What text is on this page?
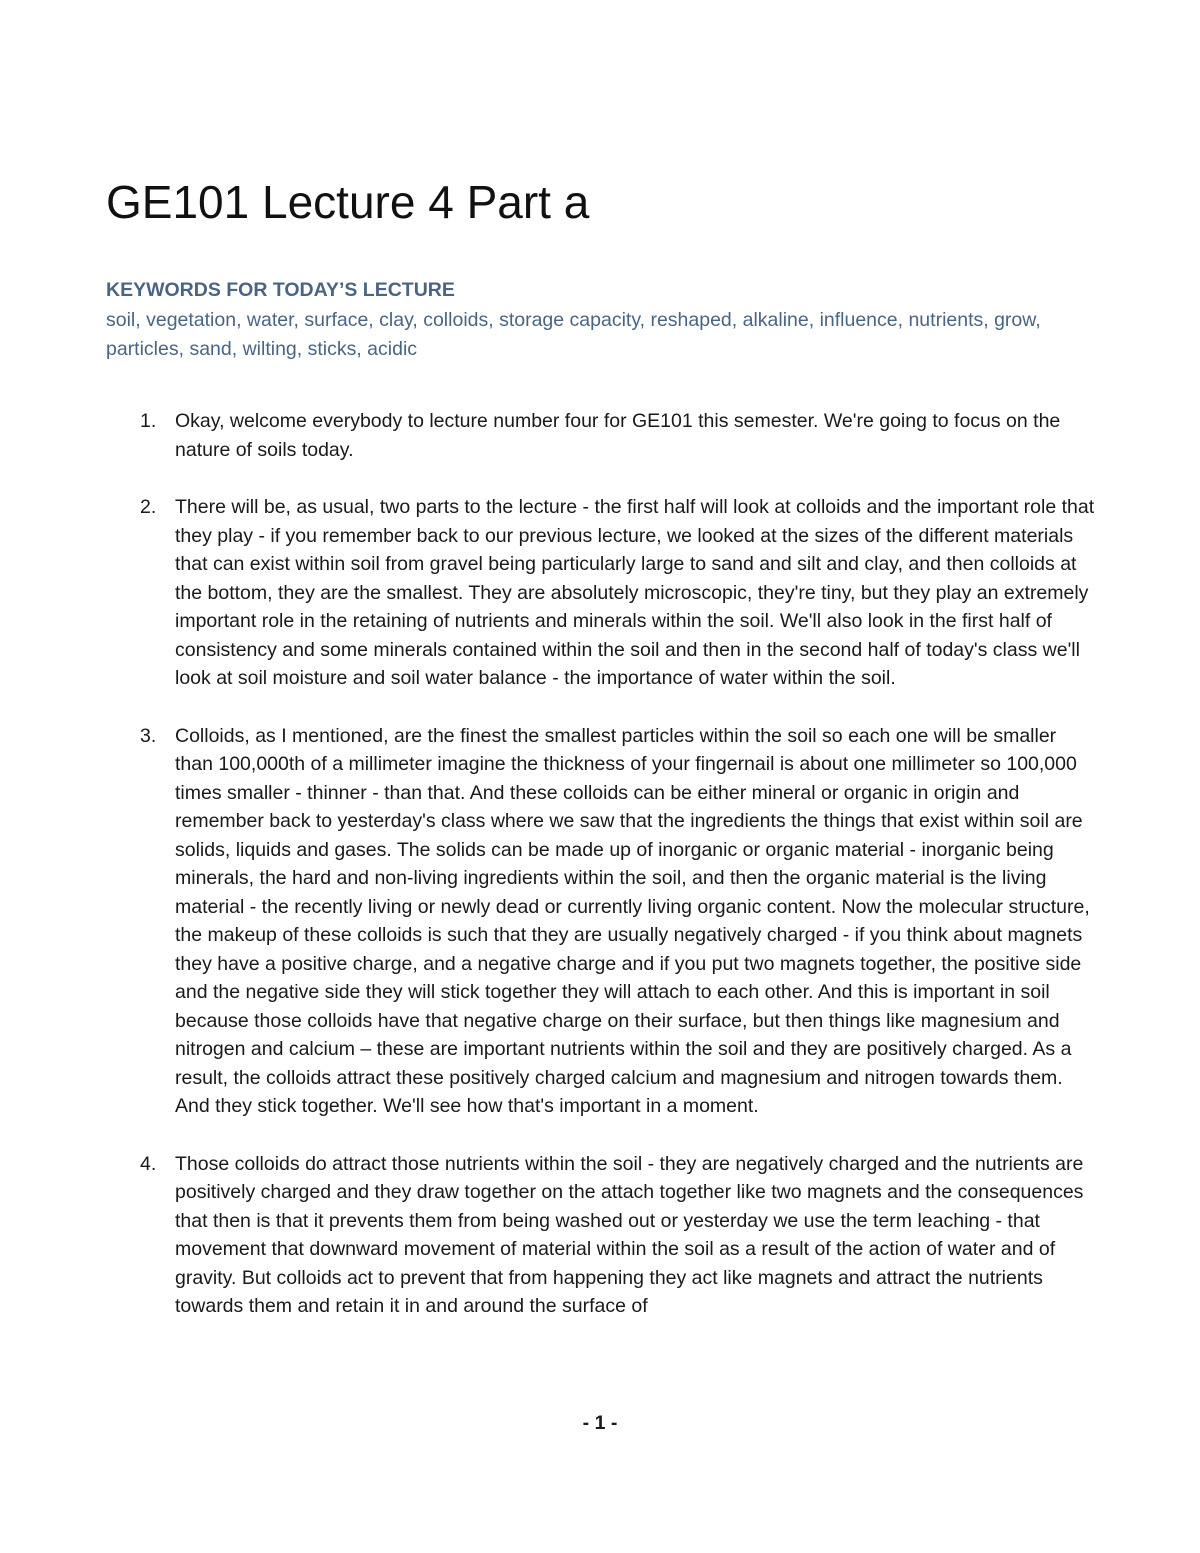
GE101 Lecture 4 Part a
KEYWORDS FOR TODAY’S LECTURE

soil, vegetation, water, surface, clay, colloids, storage capacity, reshaped, alkaline, influence, nutrients, grow, particles, sand, wilting, sticks, acidic

1. Okay, welcome everybody to lecture number four for GE101 this semester. We're going to focus on the nature of soils today.
2. There will be, as usual, two parts to the lecture - the first half will look at colloids and the important role that they play - if you remember back to our previous lecture, we looked at the sizes of the different materials that can exist within soil from gravel being particularly large to sand and silt and clay, and then colloids at the bottom, they are the smallest. They are absolutely microscopic, they're tiny, but they play an extremely important role in the retaining of nutrients and minerals within the soil. We'll also look in the first half of consistency and some minerals contained within the soil and then in the second half of today's class we'll look at soil moisture and soil water balance - the importance of water within the soil.
3. Colloids, as I mentioned, are the finest the smallest particles within the soil so each one will be smaller than 100,000th of a millimeter imagine the thickness of your fingernail is about one millimeter so 100,000 times smaller - thinner - than that. And these colloids can be either mineral or organic in origin and remember back to yesterday's class where we saw that the ingredients the things that exist within soil are solids, liquids and gases. The solids can be made up of inorganic or organic material - inorganic being minerals, the hard and non-living ingredients within the soil, and then the organic material is the living material - the recently living or newly dead or currently living organic content. Now the molecular structure, the makeup of these colloids is such that they are usually negatively charged - if you think about magnets they have a positive charge, and a negative charge and if you put two magnets together, the positive side and the negative side they will stick together they will attach to each other. And this is important in soil because those colloids have that negative charge on their surface, but then things like magnesium and nitrogen and calcium – these are important nutrients within the soil and they are positively charged. As a result, the colloids attract these positively charged calcium and magnesium and nitrogen towards them. And they stick together. We'll see how that's important in a moment.
4. Those colloids do attract those nutrients within the soil - they are negatively charged and the nutrients are positively charged and they draw together on the attach together like two magnets and the consequences that then is that it prevents them from being washed out or yesterday we use the term leaching - that movement that downward movement of material within the soil as a result of the action of water and of gravity. But colloids act to prevent that from happening they act like magnets and attract the nutrients towards them and retain it in and around the surface of
- 1 -
